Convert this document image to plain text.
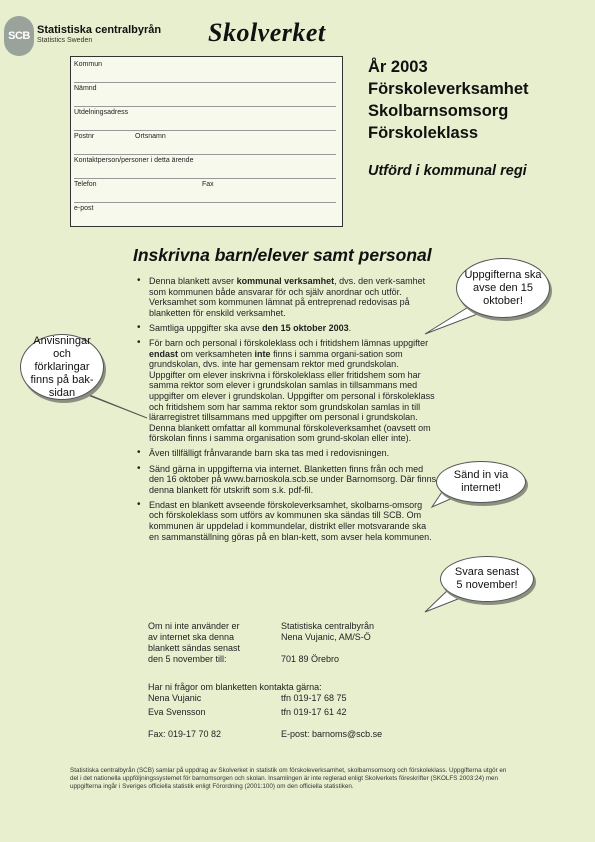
SCB Statistiska centralbyrån
Statistics Sweden	Skolverket
Kommun
Nämnd
Utdelningsadress
Postnr	Ortsnamn
Kontaktperson/personer i detta ärende
Telefon	Fax
e-post
År 2003
Förskoleverksamhet
Skolbarnsomsorg
Förskoleklass
Utförd i kommunal regi
Inskrivna barn/elever samt personal
• Denna blankett avser kommunal verksamhet, dvs. den verk-samhet som kommunen både ansvarar för och själv anordnar och utför. Verksamhet som kommunen lämnat på entreprenad redovisas på blanketten för enskild verksamhet.
• Samtliga uppgifter ska avse den 15 oktober 2003.
• För barn och personal i förskoleklass och i fritidshem lämnas uppgifter endast om verksamheten inte finns i samma organi-sation som grundskolan, dvs. inte har gemensam rektor med grundskolan. Uppgifter om elever inskrivna i förskoleklass eller fritidshem som har samma rektor som elever i grundskolan samlas in tillsammans med uppgifter om elever i grundskolan. Uppgifter om personal i förskoleklass och fritidshem som har samma rektor som grundskolan samlas in till lärarregistret tillsammans med uppgifter om personal i grundskolan. Denna blankett omfattar all kommunal förskoleverksamhet (oavsett om förskolan finns i samma organisation som grund-skolan eller inte).
• Även tillfälligt frånvarande barn ska tas med i redovisningen.
• Sänd gärna in uppgifterna via internet. Blanketten finns från och med den 16 oktober på www.barnoskola.scb.se under Barnomsorg. Där finns denna blankett för utskrift som s.k. pdf-fil.
• Endast en blankett avseende förskoleverksamhet, skolbarns-omsorg och förskoleklass som utförs av kommunen ska sändas till SCB. Om kommunen är uppdelad i kommundelar, distrikt eller motsvarande ska en sammanställning göras på en blan-kett, som avser hela kommunen.
Uppgifterna ska avse den 15 oktober!
Anvisningar och förklaringar finns på bak-sidan
Sänd in via internet!
Svara senast 5 november!
Om ni inte använder er
av internet ska denna
blankett sändas senast
den 5 november till:
Statistiska centralbyrån
Nena Vujanic, AM/S-Ö
701 89 Örebro
Har ni frågor om blanketten kontakta gärna:
Nena Vujanic	tfn 019-17 68 75
Eva Svensson	tfn 019-17 61 42
Fax: 019-17 70 82	E-post: barnoms@scb.se
Statistiska centralbyrån (SCB) samlar på uppdrag av Skolverket in statistik om förskoleverksamhet, skolbarnsomsorg och förskoleklass. Uppgifterna utgör en del i det nationella uppföljningssystemet för barnomsorgen och skolan. Insamlingen är inte reglerad enligt Skolverkets föreskrifter (SKOLFS 2003:24) men uppgifterna ingår i Sveriges officiella statistik enligt Förordning (2001:100) om den officiella statistiken.
